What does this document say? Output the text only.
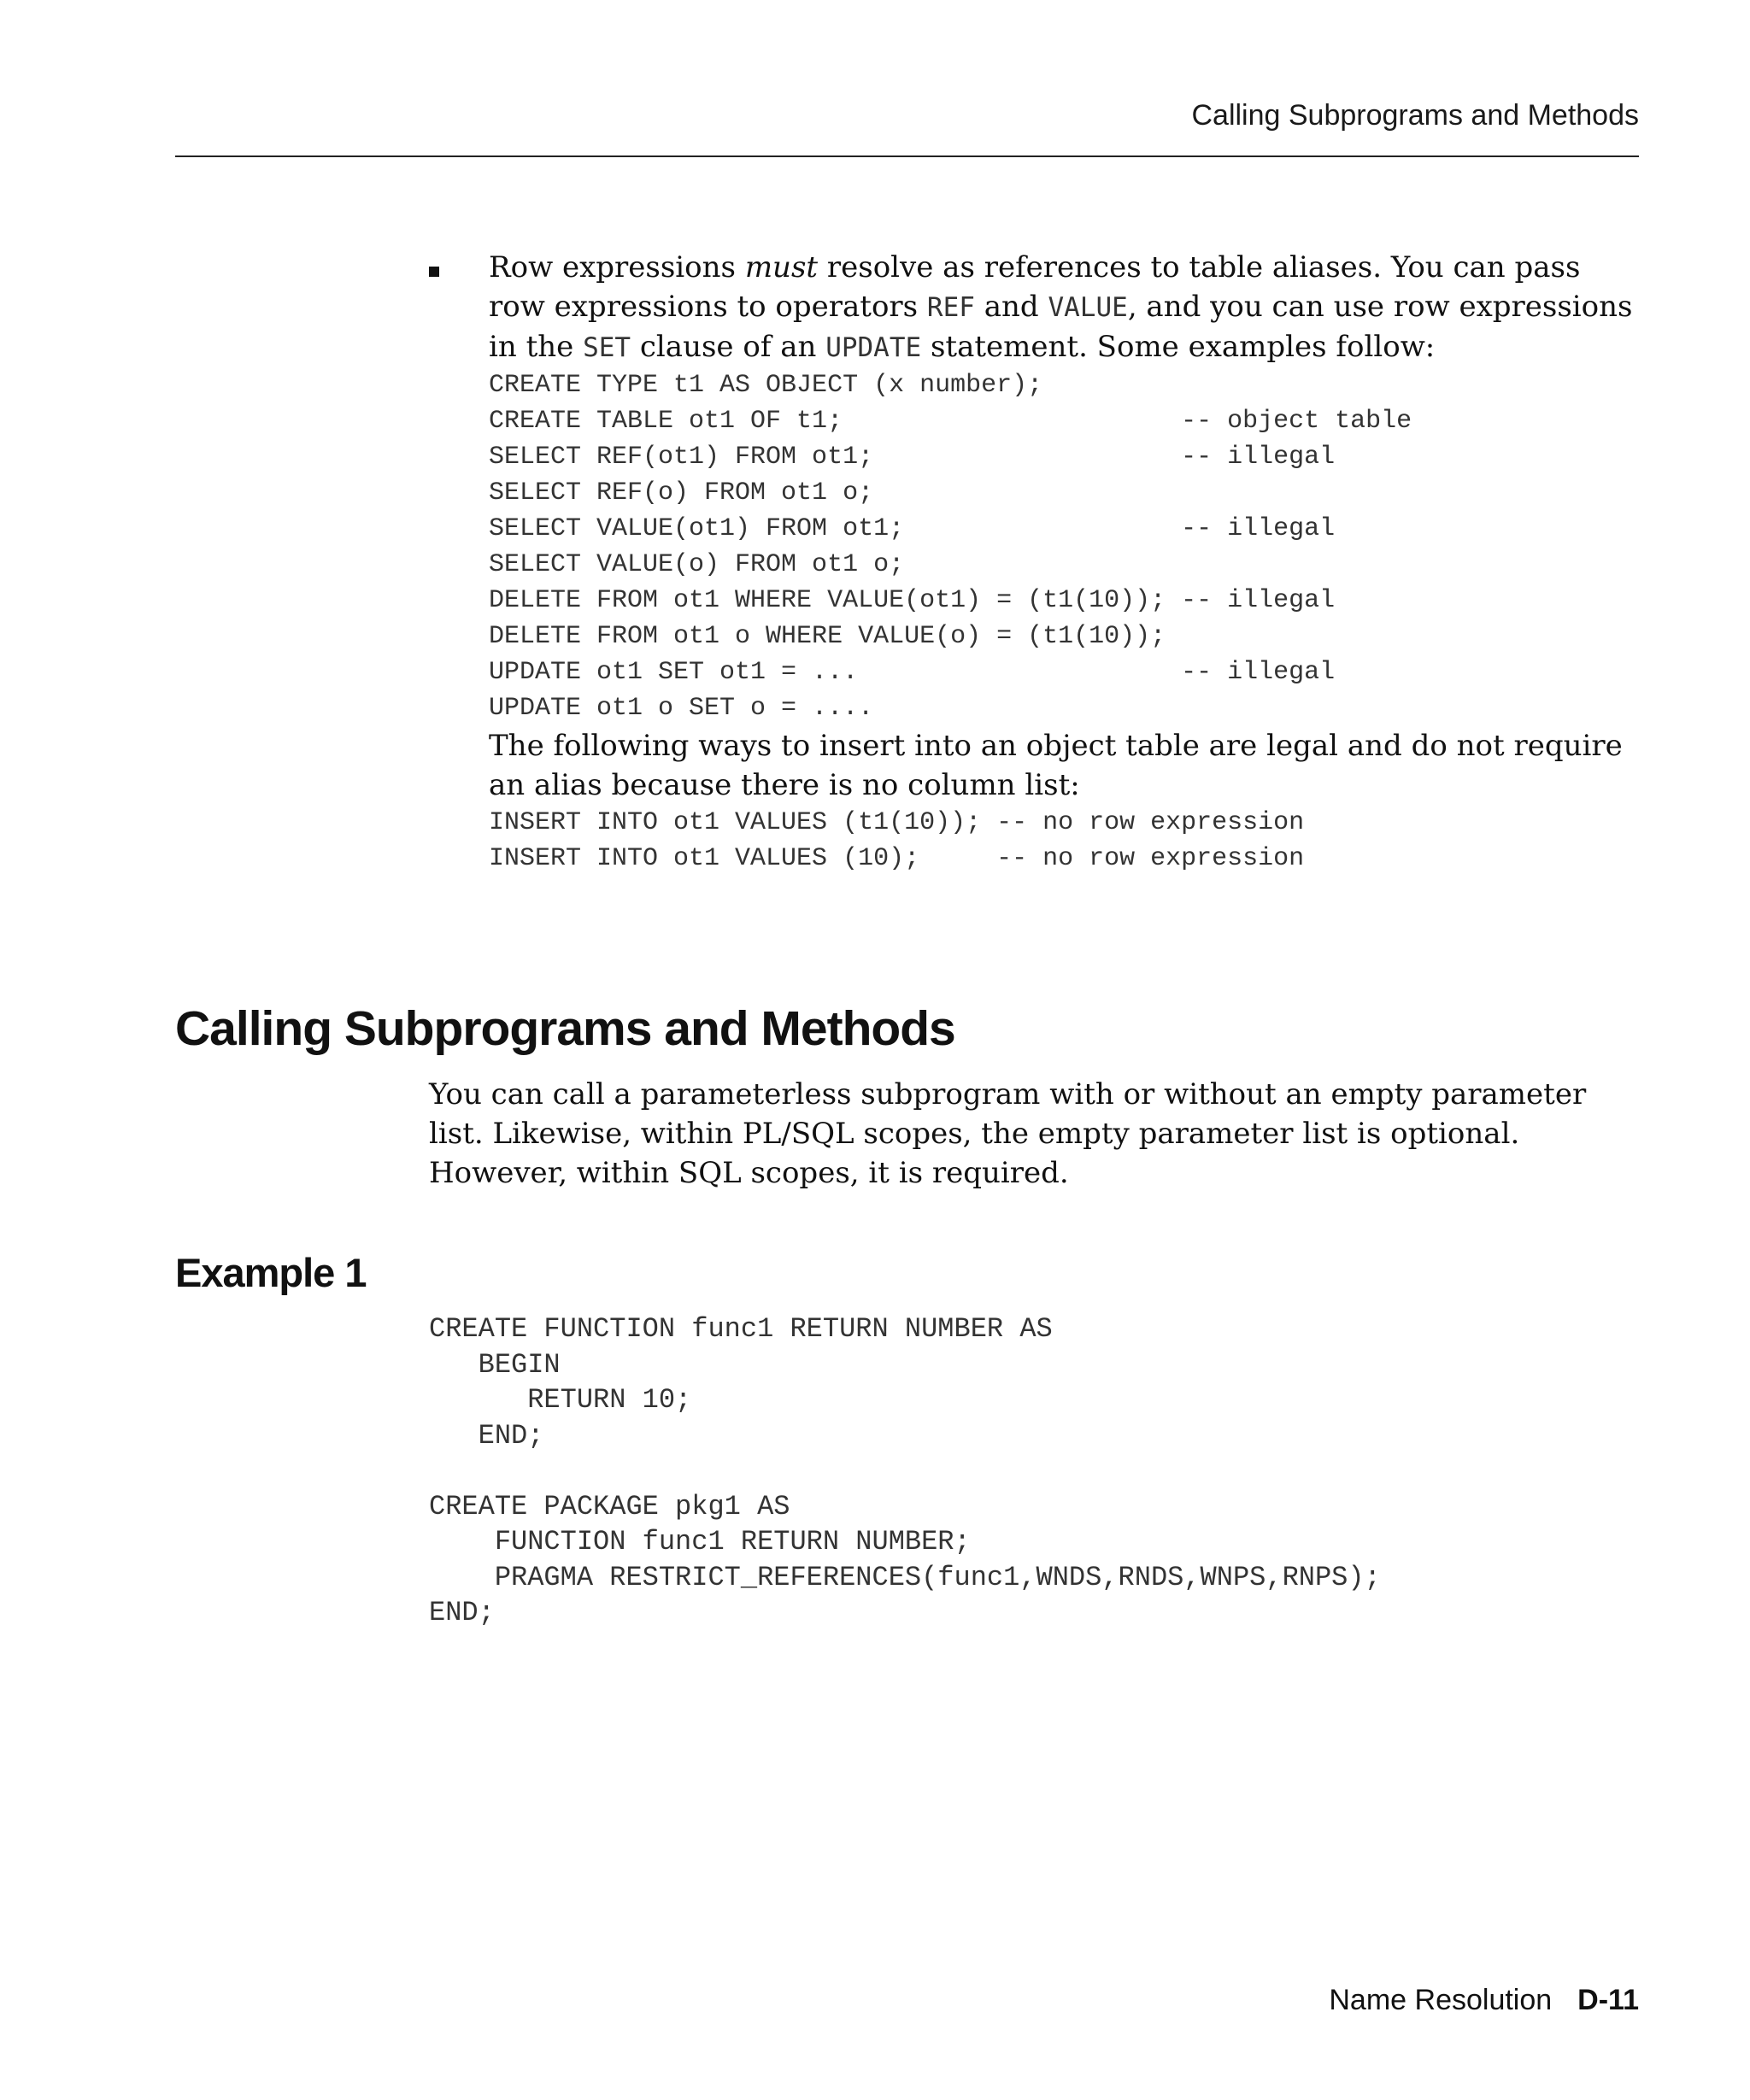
Calling Subprograms and Methods

Row expressions must resolve as references to table aliases. You can pass row expressions to operators REF and VALUE, and you can use row expressions in the SET clause of an UPDATE statement. Some examples follow:

CREATE TYPE t1 AS OBJECT (x number);
CREATE TABLE ot1 OF t1;                      -- object table
SELECT REF(ot1) FROM ot1;                    -- illegal
SELECT REF(o) FROM ot1 o;
SELECT VALUE(ot1) FROM ot1;                  -- illegal
SELECT VALUE(o) FROM ot1 o;
DELETE FROM ot1 WHERE VALUE(ot1) = (t1(10)); -- illegal
DELETE FROM ot1 o WHERE VALUE(o) = (t1(10));
UPDATE ot1 SET ot1 = ...                     -- illegal
UPDATE ot1 o SET o = ....

The following ways to insert into an object table are legal and do not require an alias because there is no column list:

INSERT INTO ot1 VALUES (t1(10)); -- no row expression
INSERT INTO ot1 VALUES (10);     -- no row expression
Calling Subprograms and Methods

You can call a parameterless subprogram with or without an empty parameter list. Likewise, within PL/SQL scopes, the empty parameter list is optional. However, within SQL scopes, it is required.

Example 1
CREATE FUNCTION func1 RETURN NUMBER AS
BEGIN
RETURN 10;
END;
CREATE PACKAGE pkg1 AS
FUNCTION func1 RETURN NUMBER;
PRAGMA RESTRICT_REFERENCES(func1,WNDS,RNDS,WNPS,RNPS);
END;
Name Resolution D-11
